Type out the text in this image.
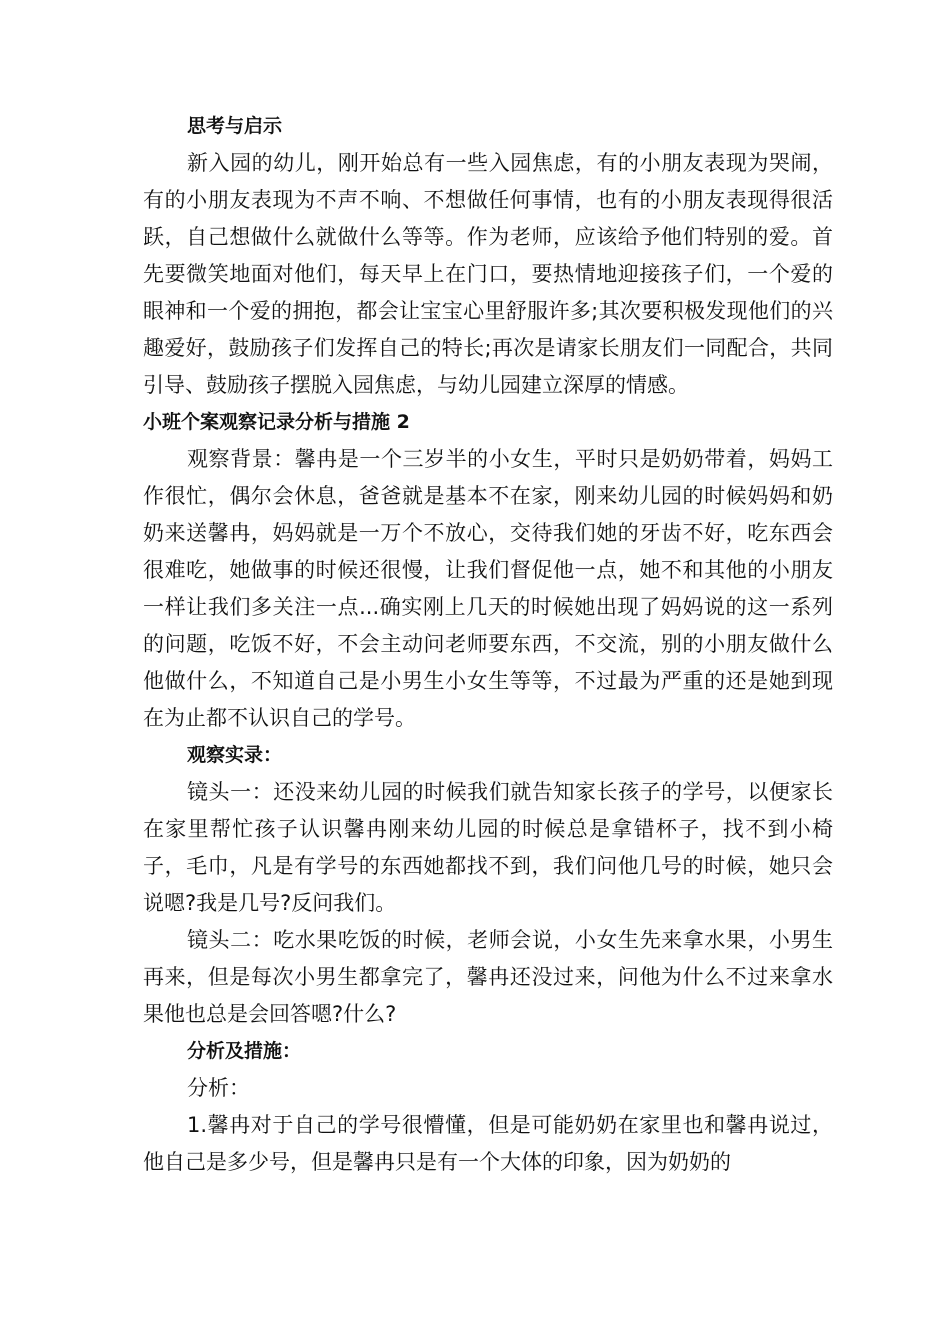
思考与启示

新入园的幼儿，刚开始总有一些入园焦虑，有的小朋友表现为哭闹，有的小朋友表现为不声不响、不想做任何事情，也有的小朋友表现得很活跃，自己想做什么就做什么等等。作为老师，应该给予他们特别的爱。首先要微笑地面对他们，每天早上在门口，要热情地迎接孩子们，一个爱的眼神和一个爱的拥抱，都会让宝宝心里舒服许多;其次要积极发现他们的兴趣爱好，鼓励孩子们发挥自己的特长;再次是请家长朋友们一同配合，共同引导、鼓励孩子摆脱入园焦虑，与幼儿园建立深厚的情感。

小班个案观察记录分析与措施 2

观察背景：馨冉是一个三岁半的小女生，平时只是奶奶带着，妈妈工作很忙，偶尔会休息，爸爸就是基本不在家，刚来幼儿园的时候妈妈和奶奶来送馨冉，妈妈就是一万个不放心，交待我们她的牙齿不好，吃东西会很难吃，她做事的时候还很慢，让我们督促他一点，她不和其他的小朋友一样让我们多关注一点...确实刚上几天的时候她出现了妈妈说的这一系列的问题，吃饭不好，不会主动问老师要东西，不交流，别的小朋友做什么他做什么，不知道自己是小男生小女生等等，不过最为严重的还是她到现在为止都不认识自己的学号。

观察实录：

镜头一：还没来幼儿园的时候我们就告知家长孩子的学号，以便家长在家里帮忙孩子认识馨冉刚来幼儿园的时候总是拿错杯子，找不到小椅子，毛巾，凡是有学号的东西她都找不到，我们问他几号的时候，她只会说嗯?我是几号?反问我们。

镜头二：吃水果吃饭的时候，老师会说，小女生先来拿水果，小男生再来，但是每次小男生都拿完了，馨冉还没过来，问他为什么不过来拿水果他也总是会回答嗯?什么?

分析及措施：

分析：

1.馨冉对于自己的学号很懵懂，但是可能奶奶在家里也和馨冉说过，他自己是多少号，但是馨冉只是有一个大体的印象，因为奶奶的
